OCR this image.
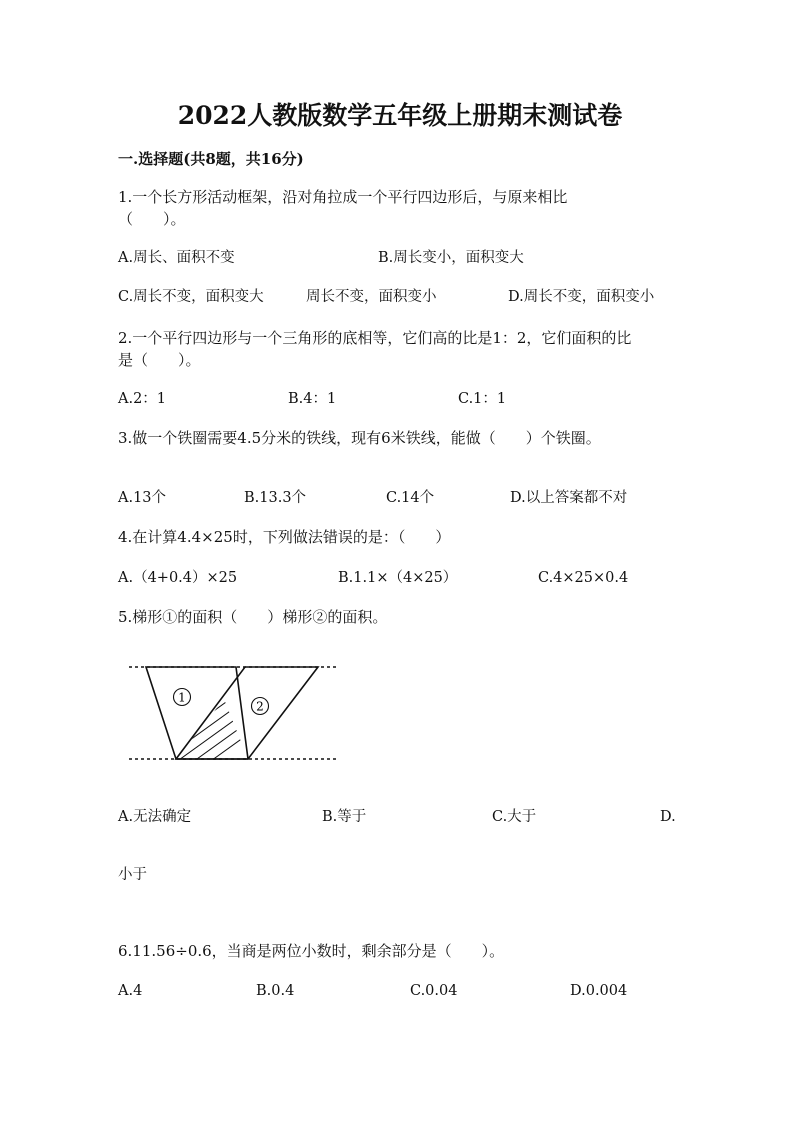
2022人教版数学五年级上册期末测试卷
一.选择题(共8题，共16分)
1.一个长方形活动框架，沿对角拉成一个平行四边形后，与原来相比
（　　）。
A.周长、面积不变	B.周长变小，面积变大
C.周长不变，面积变大	周长不变，面积变小	D.周长不变，面积变小
2.一个平行四边形与一个三角形的底相等，它们高的比是1：2，它们面积的比
是（　　）。
A.2：1	B.4：1	C.1：1
3.做一个铁圈需要4.5分米的铁线，现有6米铁线，能做（　　）个铁圈。
A.13个	B.13.3个	C.14个	D.以上答案都不对
4.在计算4.4×25时，下列做法错误的是：（　　）
A.（4+0.4）×25	B.1.1×（4×25）	C.4×25×0.4
5.梯形①的面积（　　）梯形②的面积。
1
2
A.无法确定	B.等于	C.大于	D.
小于
6.11.56÷0.6，当商是两位小数时，剩余部分是（　　）。
A.4	B.0.4	C.0.04	D.0.004
